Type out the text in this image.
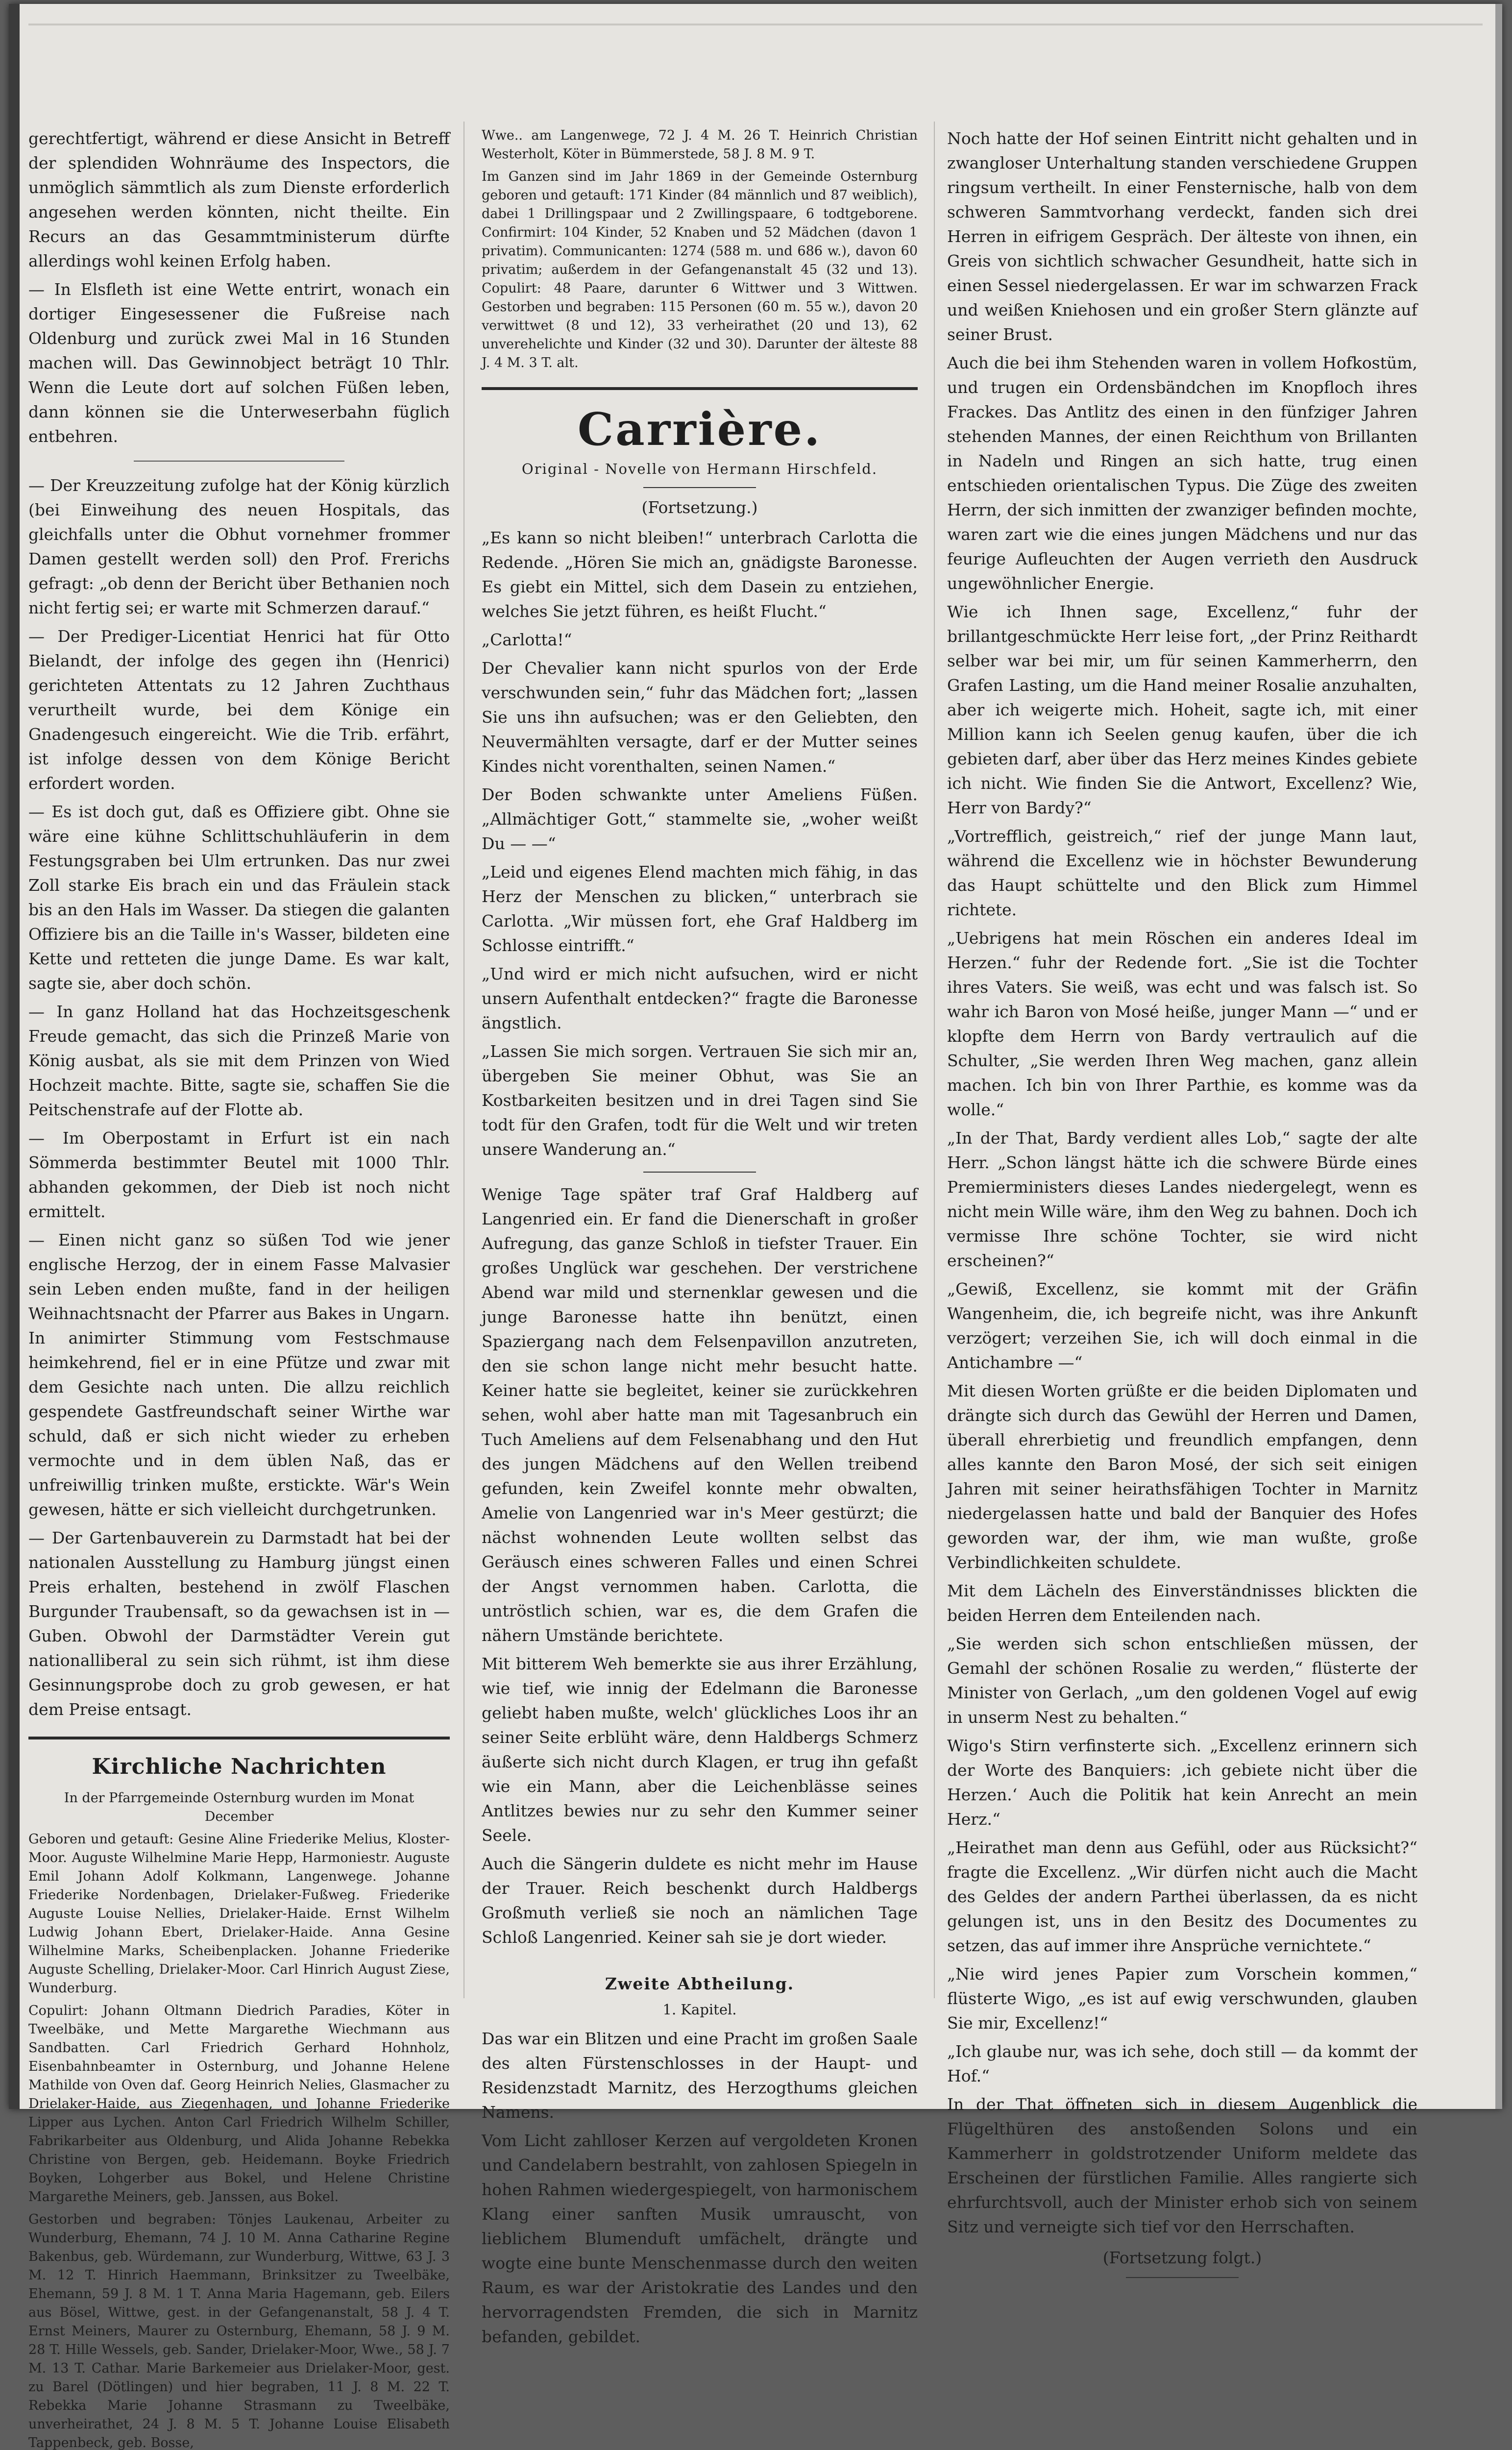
gerechtfertigt, während er diese Ansicht in Betreff der splendiden Wohnräume des Inspectors, die unmöglich sämmtlich als zum Dienste erforderlich angesehen werden könnten, nicht theilte. Ein Recurs an das Gesammtministerum dürfte allerdings wohl keinen Erfolg haben.

— In Elsfleth ist eine Wette entrirt, wonach ein dortiger Eingesessener die Fußreise nach Oldenburg und zurück zwei Mal in 16 Stunden machen will. Das Gewinnobject beträgt 10 Thlr. Wenn die Leute dort auf solchen Füßen leben, dann können sie die Unterweserbahn füglich entbehren.

— Der Kreuzzeitung zufolge hat der König kürzlich (bei Einweihung des neuen Hospitals, das gleichfalls unter die Obhut vornehmer frommer Damen gestellt werden soll) den Prof. Frerichs gefragt: „ob denn der Bericht über Bethanien noch nicht fertig sei; er warte mit Schmerzen darauf.“

— Der Prediger-Licentiat Henrici hat für Otto Bielandt, der infolge des gegen ihn (Henrici) gerichteten Attentats zu 12 Jahren Zuchthaus verurtheilt wurde, bei dem Könige ein Gnadengesuch eingereicht. Wie die Trib. erfährt, ist infolge dessen von dem Könige Bericht erfordert worden.

— Es ist doch gut, daß es Offiziere gibt. Ohne sie wäre eine kühne Schlittschuhläuferin in dem Festungsgraben bei Ulm ertrunken. Das nur zwei Zoll starke Eis brach ein und das Fräulein stack bis an den Hals im Wasser. Da stiegen die galanten Offiziere bis an die Taille in's Wasser, bildeten eine Kette und retteten die junge Dame. Es war kalt, sagte sie, aber doch schön.

— In ganz Holland hat das Hochzeitsgeschenk Freude gemacht, das sich die Prinzeß Marie von König ausbat, als sie mit dem Prinzen von Wied Hochzeit machte. Bitte, sagte sie, schaffen Sie die Peitschenstrafe auf der Flotte ab.

— Im Oberpostamt in Erfurt ist ein nach Sömmerda bestimmter Beutel mit 1000 Thlr. abhanden gekommen, der Dieb ist noch nicht ermittelt.

— Einen nicht ganz so süßen Tod wie jener englische Herzog, der in einem Fasse Malvasier sein Leben enden mußte, fand in der heiligen Weihnachtsnacht der Pfarrer aus Bakes in Ungarn. In animirter Stimmung vom Festschmause heimkehrend, fiel er in eine Pfütze und zwar mit dem Gesichte nach unten. Die allzu reichlich gespendete Gastfreundschaft seiner Wirthe war schuld, daß er sich nicht wieder zu erheben vermochte und in dem üblen Naß, das er unfreiwillig trinken mußte, erstickte. Wär's Wein gewesen, hätte er sich vielleicht durchgetrunken.

— Der Gartenbauverein zu Darmstadt hat bei der nationalen Ausstellung zu Hamburg jüngst einen Preis erhalten, bestehend in zwölf Flaschen Burgunder Traubensaft, so da gewachsen ist in — Guben. Obwohl der Darmstädter Verein gut nationalliberal zu sein sich rühmt, ist ihm diese Gesinnungsprobe doch zu grob gewesen, er hat dem Preise entsagt.

Kirchliche Nachrichten

In der Pfarrgemeinde Osternburg wurden im Monat December

Geboren und getauft: Gesine Aline Friederike Melius, Kloster-Moor. Auguste Wilhelmine Marie Hepp, Harmoniestr. Auguste Emil Johann Adolf Kolkmann, Langenwege. Johanne Friederike Nordenbagen, Drielaker-Fußweg. Friederike Auguste Louise Nellies, Drielaker-Haide. Ernst Wilhelm Ludwig Johann Ebert, Drielaker-Haide. Anna Gesine Wilhelmine Marks, Scheibenplacken. Johanne Friederike Auguste Schelling, Drielaker-Moor. Carl Hinrich August Ziese, Wunderburg.

Copulirt: Johann Oltmann Diedrich Paradies, Köter in Tweelbäke, und Mette Margarethe Wiechmann aus Sandbatten. Carl Friedrich Gerhard Hohnholz, Eisenbahnbeamter in Osternburg, und Johanne Helene Mathilde von Oven daf. Georg Heinrich Nelies, Glasmacher zu Drielaker-Haide, aus Ziegenhagen, und Johanne Friederike Lipper aus Lychen. Anton Carl Friedrich Wilhelm Schiller, Fabrikarbeiter aus Oldenburg, und Alida Johanne Rebekka Christine von Bergen, geb. Heidemann. Boyke Friedrich Boyken, Lohgerber aus Bokel, und Helene Christine Margarethe Meiners, geb. Janssen, aus Bokel.

Gestorben und begraben: Tönjes Laukenau, Arbeiter zu Wunderburg, Ehemann, 74 J. 10 M. Anna Catharine Regine Bakenbus, geb. Würdemann, zur Wunderburg, Wittwe, 63 J. 3 M. 12 T. Hinrich Haemmann, Brinksitzer zu Tweelbäke, Ehemann, 59 J. 8 M. 1 T. Anna Maria Hagemann, geb. Eilers aus Bösel, Wittwe, gest. in der Gefangenanstalt, 58 J. 4 T. Ernst Meiners, Maurer zu Osternburg, Ehemann, 58 J. 9 M. 28 T. Hille Wessels, geb. Sander, Drielaker-Moor, Wwe., 58 J. 7 M. 13 T. Cathar. Marie Barkemeier aus Drielaker-Moor, gest. zu Barel (Dötlingen) und hier begraben, 11 J. 8 M. 22 T. Rebekka Marie Johanne Strasmann zu Tweelbäke, unverheirathet, 24 J. 8 M. 5 T. Johanne Louise Elisabeth Tappenbeck, geb. Bosse,

Wwe.. am Langenwege, 72 J. 4 M. 26 T. Heinrich Christian Westerholt, Köter in Bümmerstede, 58 J. 8 M. 9 T.

Im Ganzen sind im Jahr 1869 in der Gemeinde Osternburg geboren und getauft: 171 Kinder (84 männlich und 87 weiblich), dabei 1 Drillingspaar und 2 Zwillingspaare, 6 todtgeborene. Confirmirt: 104 Kinder, 52 Knaben und 52 Mädchen (davon 1 privatim). Communicanten: 1274 (588 m. und 686 w.), davon 60 privatim; außerdem in der Gefangenanstalt 45 (32 und 13). Copulirt: 48 Paare, darunter 6 Wittwer und 3 Wittwen. Gestorben und begraben: 115 Personen (60 m. 55 w.), davon 20 verwittwet (8 und 12), 33 verheirathet (20 und 13), 62 unverehelichte und Kinder (32 und 30). Darunter der älteste 88 J. 4 M. 3 T. alt.

Carrière.
Original - Novelle von Hermann Hirschfeld.
(Fortsetzung.)

„Es kann so nicht bleiben!“ unterbrach Carlotta die Redende. „Hören Sie mich an, gnädigste Baronesse. Es giebt ein Mittel, sich dem Dasein zu entziehen, welches Sie jetzt führen, es heißt Flucht.“

„Carlotta!“

Der Chevalier kann nicht spurlos von der Erde verschwunden sein,“ fuhr das Mädchen fort; „lassen Sie uns ihn aufsuchen; was er den Geliebten, den Neuvermählten versagte, darf er der Mutter seines Kindes nicht vorenthalten, seinen Namen.“

Der Boden schwankte unter Ameliens Füßen. „Allmächtiger Gott,“ stammelte sie, „woher weißt Du — —“

„Leid und eigenes Elend machten mich fähig, in das Herz der Menschen zu blicken,“ unterbrach sie Carlotta. „Wir müssen fort, ehe Graf Haldberg im Schlosse eintrifft.“

„Und wird er mich nicht aufsuchen, wird er nicht unsern Aufenthalt entdecken?“ fragte die Baronesse ängstlich.

„Lassen Sie mich sorgen. Vertrauen Sie sich mir an, übergeben Sie meiner Obhut, was Sie an Kostbarkeiten besitzen und in drei Tagen sind Sie todt für den Grafen, todt für die Welt und wir treten unsere Wanderung an.“

Wenige Tage später traf Graf Haldberg auf Langenried ein. Er fand die Dienerschaft in großer Aufregung, das ganze Schloß in tiefster Trauer. Ein großes Unglück war geschehen. Der verstrichene Abend war mild und sternenklar gewesen und die junge Baronesse hatte ihn benützt, einen Spaziergang nach dem Felsenpavillon anzutreten, den sie schon lange nicht mehr besucht hatte. Keiner hatte sie begleitet, keiner sie zurückkehren sehen, wohl aber hatte man mit Tagesanbruch ein Tuch Ameliens auf dem Felsenabhang und den Hut des jungen Mädchens auf den Wellen treibend gefunden, kein Zweifel konnte mehr obwalten, Amelie von Langenried war in's Meer gestürzt; die nächst wohnenden Leute wollten selbst das Geräusch eines schweren Falles und einen Schrei der Angst vernommen haben. Carlotta, die untröstlich schien, war es, die dem Grafen die nähern Umstände berichtete.

Mit bitterem Weh bemerkte sie aus ihrer Erzählung, wie tief, wie innig der Edelmann die Baronesse geliebt haben mußte, welch' glückliches Loos ihr an seiner Seite erblüht wäre, denn Haldbergs Schmerz äußerte sich nicht durch Klagen, er trug ihn gefaßt wie ein Mann, aber die Leichenblässe seines Antlitzes bewies nur zu sehr den Kummer seiner Seele.

Auch die Sängerin duldete es nicht mehr im Hause der Trauer. Reich beschenkt durch Haldbergs Großmuth verließ sie noch an nämlichen Tage Schloß Langenried. Keiner sah sie je dort wieder.

Zweite Abtheilung.
1. Kapitel.

Das war ein Blitzen und eine Pracht im großen Saale des alten Fürstenschlosses in der Haupt- und Residenzstadt Marnitz, des Herzogthums gleichen Namens.

Vom Licht zahlloser Kerzen auf vergoldeten Kronen und Candelabern bestrahlt, von zahlosen Spiegeln in hohen Rahmen wiedergespiegelt, von harmonischem Klang einer sanften Musik umrauscht, von lieblichem Blumenduft umfächelt, drängte und wogte eine bunte Menschenmasse durch den weiten Raum, es war der Aristokratie des Landes und den hervorragendsten Fremden, die sich in Marnitz befanden, gebildet.

Noch hatte der Hof seinen Eintritt nicht gehalten und in zwangloser Unterhaltung standen verschiedene Gruppen ringsum vertheilt. In einer Fensternische, halb von dem schweren Sammtvorhang verdeckt, fanden sich drei Herren in eifrigem Gespräch. Der älteste von ihnen, ein Greis von sichtlich schwacher Gesundheit, hatte sich in einen Sessel niedergelassen. Er war im schwarzen Frack und weißen Kniehosen und ein großer Stern glänzte auf seiner Brust.

Auch die bei ihm Stehenden waren in vollem Hofkostüm, und trugen ein Ordensbändchen im Knopfloch ihres Frackes. Das Antlitz des einen in den fünfziger Jahren stehenden Mannes, der einen Reichthum von Brillanten in Nadeln und Ringen an sich hatte, trug einen entschieden orientalischen Typus. Die Züge des zweiten Herrn, der sich inmitten der zwanziger befinden mochte, waren zart wie die eines jungen Mädchens und nur das feurige Aufleuchten der Augen verrieth den Ausdruck ungewöhnlicher Energie.

Wie ich Ihnen sage, Excellenz,“ fuhr der brillantgeschmückte Herr leise fort, „der Prinz Reithardt selber war bei mir, um für seinen Kammerherrn, den Grafen Lasting, um die Hand meiner Rosalie anzuhalten, aber ich weigerte mich. Hoheit, sagte ich, mit einer Million kann ich Seelen genug kaufen, über die ich gebieten darf, aber über das Herz meines Kindes gebiete ich nicht. Wie finden Sie die Antwort, Excellenz? Wie, Herr von Bardy?“

„Vortrefflich, geistreich,“ rief der junge Mann laut, während die Excellenz wie in höchster Bewunderung das Haupt schüttelte und den Blick zum Himmel richtete.

„Uebrigens hat mein Röschen ein anderes Ideal im Herzen.“ fuhr der Redende fort. „Sie ist die Tochter ihres Vaters. Sie weiß, was echt und was falsch ist. So wahr ich Baron von Mosé heiße, junger Mann —“ und er klopfte dem Herrn von Bardy vertraulich auf die Schulter, „Sie werden Ihren Weg machen, ganz allein machen. Ich bin von Ihrer Parthie, es komme was da wolle.“

„In der That, Bardy verdient alles Lob,“ sagte der alte Herr. „Schon längst hätte ich die schwere Bürde eines Premierministers dieses Landes niedergelegt, wenn es nicht mein Wille wäre, ihm den Weg zu bahnen. Doch ich vermisse Ihre schöne Tochter, sie wird nicht erscheinen?“

„Gewiß, Excellenz, sie kommt mit der Gräfin Wangenheim, die, ich begreife nicht, was ihre Ankunft verzögert; verzeihen Sie, ich will doch einmal in die Antichambre —“

Mit diesen Worten grüßte er die beiden Diplomaten und drängte sich durch das Gewühl der Herren und Damen, überall ehrerbietig und freundlich empfangen, denn alles kannte den Baron Mosé, der sich seit einigen Jahren mit seiner heirathsfähigen Tochter in Marnitz niedergelassen hatte und bald der Banquier des Hofes geworden war, der ihm, wie man wußte, große Verbindlichkeiten schuldete.

Mit dem Lächeln des Einverständnisses blickten die beiden Herren dem Enteilenden nach.

„Sie werden sich schon entschließen müssen, der Gemahl der schönen Rosalie zu werden,“ flüsterte der Minister von Gerlach, „um den goldenen Vogel auf ewig in unserm Nest zu behalten.“

Wigo's Stirn verfinsterte sich. „Excellenz erinnern sich der Worte des Banquiers: ‚ich gebiete nicht über die Herzen.‘ Auch die Politik hat kein Anrecht an mein Herz.“

„Heirathet man denn aus Gefühl, oder aus Rücksicht?“ fragte die Excellenz. „Wir dürfen nicht auch die Macht des Geldes der andern Parthei überlassen, da es nicht gelungen ist, uns in den Besitz des Documentes zu setzen, das auf immer ihre Ansprüche vernichtete.“

„Nie wird jenes Papier zum Vorschein kommen,“ flüsterte Wigo, „es ist auf ewig verschwunden, glauben Sie mir, Excellenz!“

„Ich glaube nur, was ich sehe, doch still — da kommt der Hof.“

In der That öffneten sich in diesem Augenblick die Flügelthüren des anstoßenden Solons und ein Kammerherr in goldstrotzender Uniform meldete das Erscheinen der fürstlichen Familie. Alles rangierte sich ehrfurchtsvoll, auch der Minister erhob sich von seinem Sitz und verneigte sich tief vor den Herrschaften.

(Fortsetzung folgt.)
